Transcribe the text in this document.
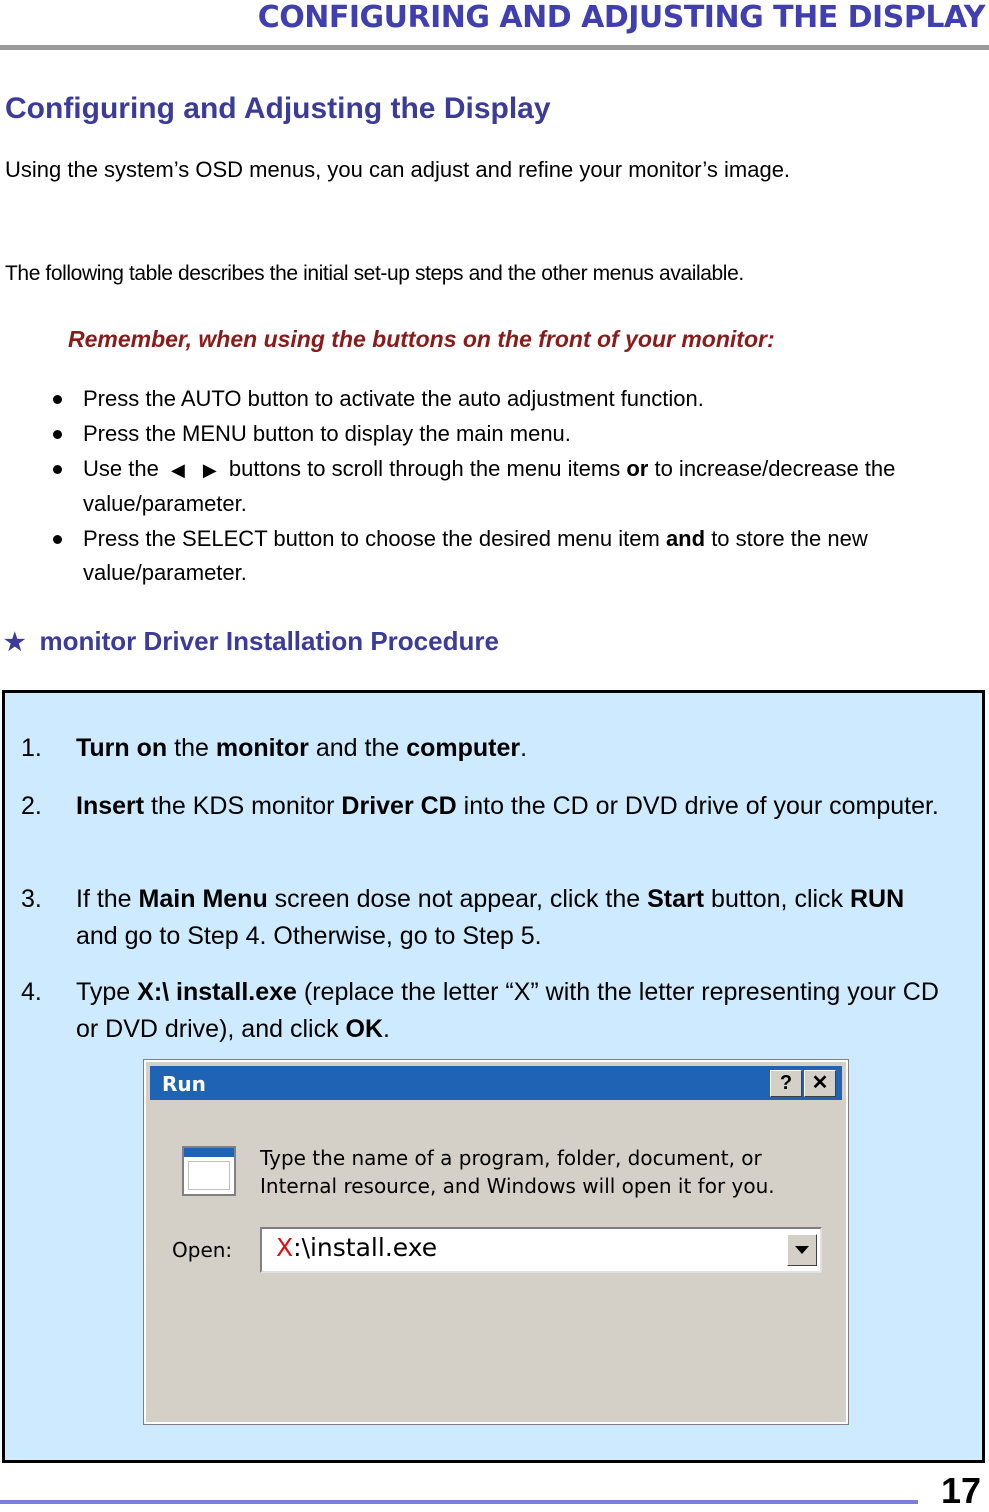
CONFIGURING AND ADJUSTING THE DISPLAY
Configuring and Adjusting the Display
Using the system’s OSD menus, you can adjust and refine your monitor’s image.
The following table describes the initial set-up steps and the other menus available.
Remember, when using the buttons on the front of your monitor:
Press the AUTO button to activate the auto adjustment function.
Press the MENU button to display the main menu.
Use the ◀ ▶ buttons to scroll through the menu items or to increase/decrease the value/parameter.
Press the SELECT button to choose the desired menu item and to store the new value/parameter.
★ monitor Driver Installation Procedure
1. Turn on the monitor and the computer.
2. Insert the KDS monitor Driver CD into the CD or DVD drive of your computer.
3. If the Main Menu screen dose not appear, click the Start button, click RUN and go to Step 4. Otherwise, go to Step 5.
4. Type X:\ install.exe (replace the letter “X” with the letter representing your CD or DVD drive), and click OK.
Run	? ✕
Type the name of a program, folder, document, or Internal resource, and Windows will open it for you.
Open: X:\install.exe
17
